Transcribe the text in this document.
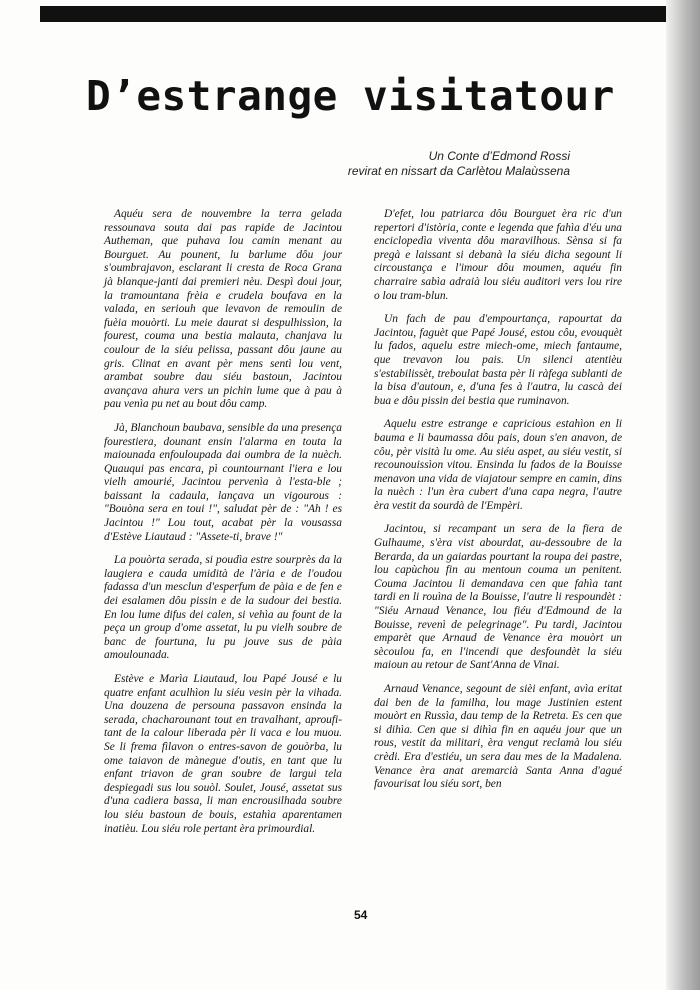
D’estrange visitatour
Un Conte d’Edmond Rossi
revirat en nissart da Carlètou Malaùssena

Aquéu sera de nouvembre la terra gelada ressounava souta dai pas rapide de Jacintou Autheman, que puhava lou camin menant au Bourguet. Au pounent, lu barlume dôu jour s'oumbrajavon, esclarant li cresta de Roca Grana jà blanque-janti dai premieri nèu. Despì doui jour, la tramountana frèia e crudela boufava en la valada, en seriouh que levavon de remoulin de fuèia mouòrti. Lu meie daurat si despulhissìon, la fourest, couma una bestia malauta, chanjava lu coulour de la siéu pelissa, passant dôu jaune au gris. Clinat en avant pèr mens sentì lou vent, arambat soubre dau siéu bastoun, Jacintou avançava ahura vers un pichin lume que à pau à pau venìa pu net au bout dôu camp.

Jà, Blanchoun baubava, sensible da una presença fourestiera, dounant ensin l'alarma en touta la maiounada enfouloupada dai oumbra de la nuèch. Quauqui pas encara, pì countournant l'iera e lou vielh amourié, Jacintou pervenìa à l'esta-ble ; baissant la cadaula, lançava un vigourous : "Bouòna sera en toui !", saludat pèr de : "Ah ! es Jacintou !" Lou tout, acabat pèr la vousassa d'Estève Liautaud : "Assete-ti, brave !"

La pouòrta serada, si poudìa estre sourprès da la laugiera e cauda umidità de l'ària e de l'oudou fadassa d'un mesclun d'esperfum de pàia e de fen e dei esalamen dôu pissin e de la sudour dei bestia. En lou lume difus dei calen, si vehìa au fount de la peça un group d'ome assetat, lu pu vielh soubre de banc de fourtuna, lu pu jouve sus de pàia amoulounada.

Estève e Marìa Liautaud, lou Papé Jousé e lu quatre enfant aculhìon lu siéu vesin pèr la vihada. Una douzena de persouna passavon ensinda la serada, chacharounant tout en travalhant, aproufi-tant de la calour liberada pèr li vaca e lou muou. Se li frema fìlavon o entres-savon de gouòrba, lu ome taiavon de mànegue d'outis, en tant que lu enfant triavon de gran soubre de largui tela despiegadi sus lou souòl. Soulet, Jousé, assetat sus d'una cadiera bassa, li man encrousilhada soubre lou siéu bastoun de bouis, estahìa aparentamen inatièu. Lou siéu role pertant èra primourdial.

D'efet, lou patriarca dôu Bourguet èra ric d'un repertori d'istòria, conte e legenda que fahìa d'éu una enciclopedìa viventa dôu maravilhous. Sènsa si fa pregà e laissant si debanà la siéu dicha segount li circoustança e l'imour dôu moumen, aquéu fin charraire sabìa adraià lou siéu auditori vers lou rire o lou tram-blun.

Un fach de pau d'empourtança, rapourtat da Jacintou, faguèt que Papé Jousé, estou côu, evouquèt lu fados, aquelu estre miech-ome, miech fantaume, que trevavon lou pais. Un silenci atentièu s'estabilissèt, treboulat basta pèr li ràfega sublanti de la bisa d'autoun, e, d'una fes à l'autra, lu cascà dei bua e dôu pissin dei bestia que ruminavon.

Aquelu estre estrange e capricious estahìon en li bauma e li baumassa dôu pais, doun s'en anavon, de côu, pèr visità lu ome. Au siéu aspet, au siéu vestit, si recounouissìon vitou. Ensinda lu fados de la Bouisse menavon una vida de viajatour sempre en camin, dins la nuèch : l'un èra cubert d'una capa negra, l'autre èra vestit da sourdà de l'Empèri.

Jacintou, si recampant un sera de la fiera de Gulhaume, s'èra vist abourdat, au-dessoubre de la Berarda, da un gaiardas pourtant la roupa dei pastre, lou capùchou fin au mentoun couma un penitent. Couma Jacintou li demandava cen que fahìa tant tardi en li rouìna de la Bouisse, l'autre li respoundèt : "Siéu Arnaud Venance, lou fiéu d'Edmound de la Bouisse, revenì de pelegrinage". Pu tardi, Jacintou emparèt que Arnaud de Venance èra mouòrt un sècoulou fa, en l'incendi que desfoundèt la siéu maioun au retour de Sant'Anna de Vinai.

Arnaud Venance, segount de sièi enfant, avìa eritat dai ben de la familha, lou mage Justinien estent mouòrt en Russìa, dau temp de la Retreta. Es cen que si dihìa. Cen que si dihìa fin en aquéu jour que un rous, vestit da militari, èra vengut reclamà lou siéu crèdi. Era d'estiéu, un sera dau mes de la Madalena. Venance èra anat aremarcià Santa Anna d'agué favourisat lou siéu sort, ben

54
